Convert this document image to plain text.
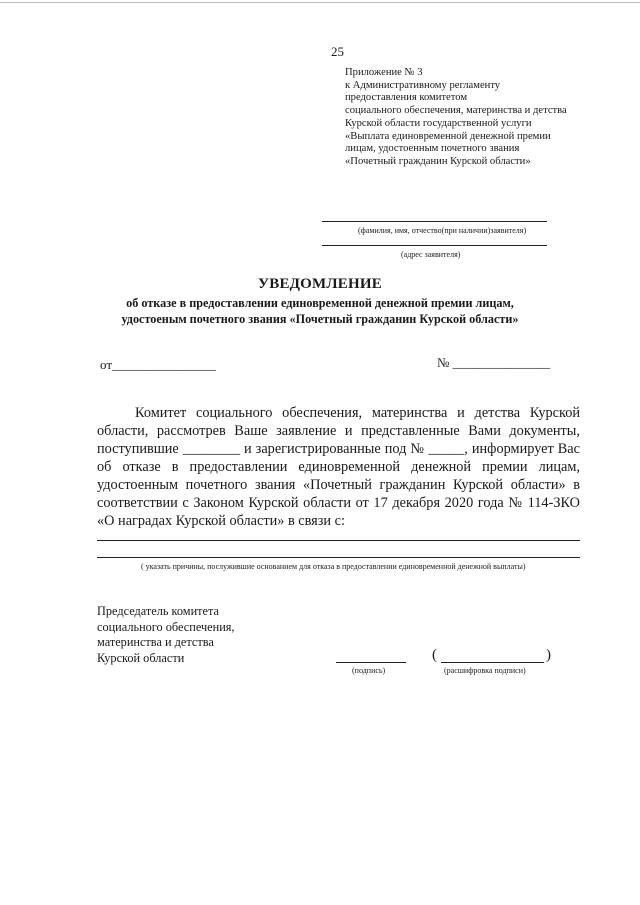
25
Приложение № 3
к Административному регламенту
предоставления комитетом
социального обеспечения, материнства и детства
Курской области государственной услуги
«Выплата единовременной денежной премии
лицам, удостоенным почетного звания
«Почетный гражданин Курской области»
(фамилия, имя, отчество(при наличии)заявителя)
(адрес заявителя)
УВЕДОМЛЕНИЕ
об отказе в предоставлении единовременной денежной премии лицам,
удостоеным почетного звания «Почетный гражданин Курской области»
от________________	№ _______________

Комитет социального обеспечения, материнства и детства Курской области, рассмотрев Ваше заявление и представленные Вами документы, поступившие ________ и зарегистрированные под № _____, информирует Вас об отказе в предоставлении единовременной денежной премии лицам, удостоенным почетного звания «Почетный гражданин Курской области» в соответствии с Законом Курской области от 17 декабря 2020 года № 114-ЗКО «О наградах Курской области» в связи с:

( указать причины, послужившие основанием для отказа в предоставлении единовременной денежной выплаты)
Председатель комитета
социального обеспечения,
материнства и детства
Курской области
(подпись)
(	)
(расшифровка подписи)
